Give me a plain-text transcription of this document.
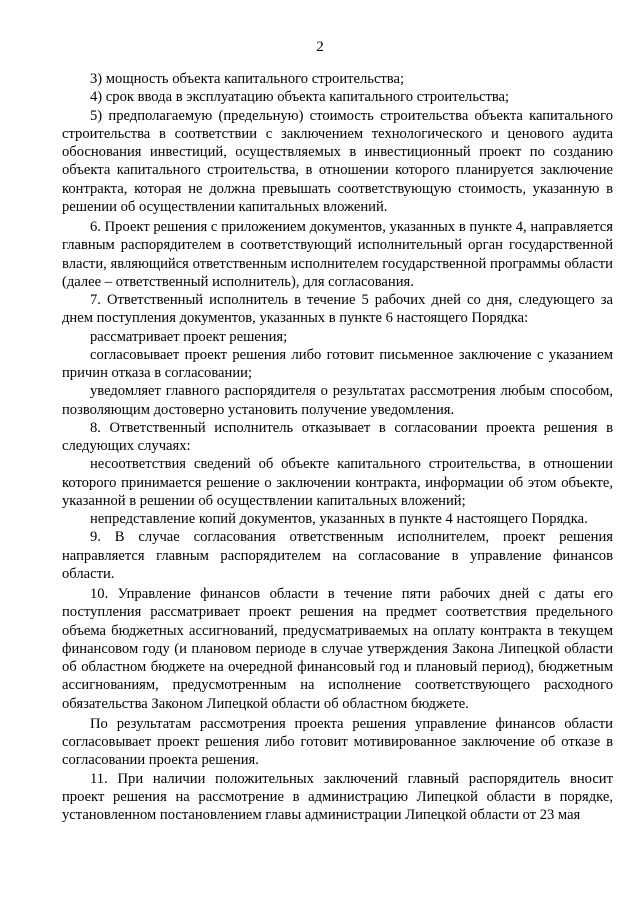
2

3) мощность объекта капитального строительства;

4) срок ввода в эксплуатацию объекта капитального строительства;

5) предполагаемую (предельную) стоимость строительства объекта капитального строительства в соответствии с заключением технологического и ценового аудита обоснования инвестиций, осуществляемых в инвестиционный проект по созданию объекта капитального строительства, в отношении которого планируется заключение контракта, которая не должна превышать соответствующую стоимость, указанную в решении об осуществлении капитальных вложений.

6. Проект решения с приложением документов, указанных в пункте 4, направляется главным распорядителем в соответствующий исполнительный орган государственной власти, являющийся ответственным исполнителем государственной программы области (далее – ответственный исполнитель), для согласования.

7. Ответственный исполнитель в течение 5 рабочих дней со дня, следующего за днем поступления документов, указанных в пункте 6 настоящего Порядка:

рассматривает проект решения;

согласовывает проект решения либо готовит письменное заключение с указанием причин отказа в согласовании;

уведомляет главного распорядителя о результатах рассмотрения любым способом, позволяющим достоверно установить получение уведомления.

8. Ответственный исполнитель отказывает в согласовании проекта решения в следующих случаях:

несоответствия сведений об объекте капитального строительства, в отношении которого принимается решение о заключении контракта, информации об этом объекте, указанной в решении об осуществлении капитальных вложений;

непредставление копий документов, указанных в пункте 4 настоящего Порядка.

9. В случае согласования ответственным исполнителем, проект решения направляется главным распорядителем на согласование в управление финансов области.

10. Управление финансов области в течение пяти рабочих дней с даты его поступления рассматривает проект решения на предмет соответствия предельного объема бюджетных ассигнований, предусматриваемых на оплату контракта в текущем финансовом году (и плановом периоде в случае утверждения Закона Липецкой области об областном бюджете на очередной финансовый год и плановый период), бюджетным ассигнованиям, предусмотренным на исполнение соответствующего расходного обязательства Законом Липецкой области об областном бюджете.

По результатам рассмотрения проекта решения управление финансов области согласовывает проект решения либо готовит мотивированное заключение об отказе в согласовании проекта решения.

11. При наличии положительных заключений главный распорядитель вносит проект решения на рассмотрение в администрацию Липецкой области в порядке, установленном постановлением главы администрации Липецкой области от 23 мая
